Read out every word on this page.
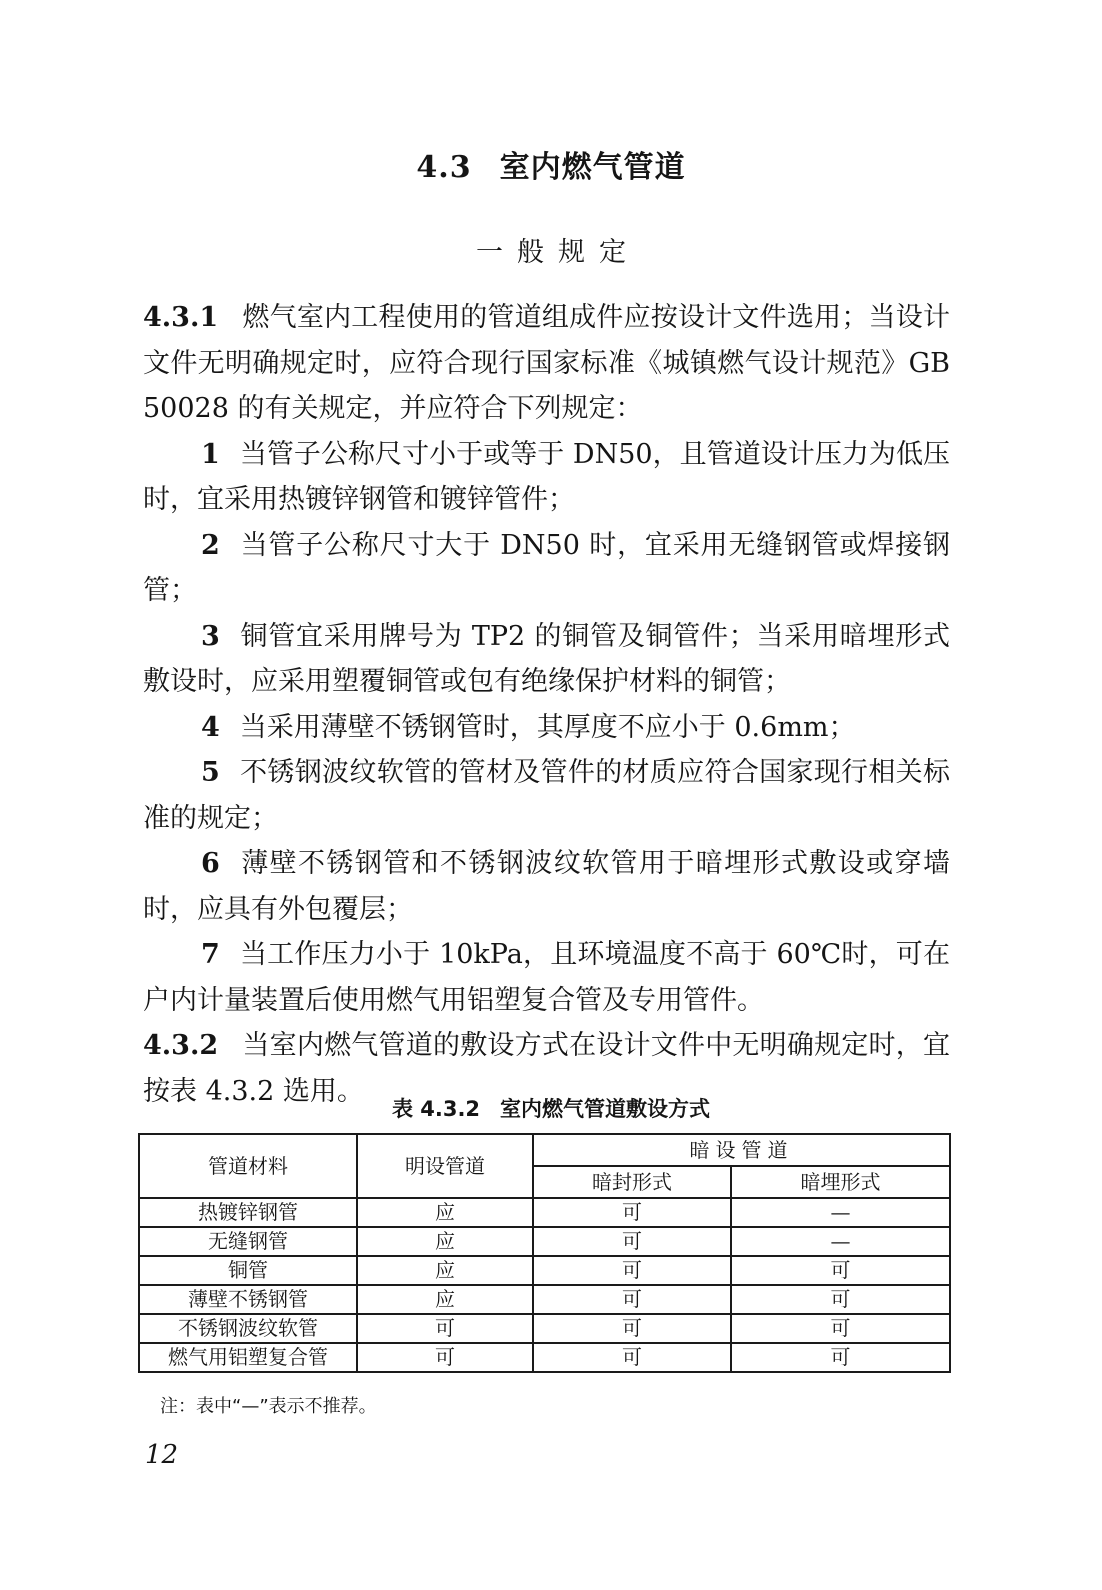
4.3 室内燃气管道
一般规定

4.3.1 燃气室内工程使用的管道组成件应按设计文件选用；当设计文件无明确规定时，应符合现行国家标准《城镇燃气设计规范》GB 50028 的有关规定，并应符合下列规定：

1 当管子公称尺寸小于或等于 DN50，且管道设计压力为低压时，宜采用热镀锌钢管和镀锌管件；

2 当管子公称尺寸大于 DN50 时，宜采用无缝钢管或焊接钢管；

3 铜管宜采用牌号为 TP2 的铜管及铜管件；当采用暗埋形式敷设时，应采用塑覆铜管或包有绝缘保护材料的铜管；

4 当采用薄壁不锈钢管时，其厚度不应小于 0.6mm；

5 不锈钢波纹软管的管材及管件的材质应符合国家现行相关标准的规定；

6 薄壁不锈钢管和不锈钢波纹软管用于暗埋形式敷设或穿墙时，应具有外包覆层；

7 当工作压力小于 10kPa，且环境温度不高于 60℃时，可在户内计量装置后使用燃气用铝塑复合管及专用管件。

4.3.2 当室内燃气管道的敷设方式在设计文件中无明确规定时，宜按表 4.3.2 选用。

表 4.3.2 室内燃气管道敷设方式
管道材料	明设管道	暗设管道	
		暗封形式	暗埋形式
热镀锌钢管	应	可	—
无缝钢管	应	可	—
铜管	应	可	可
薄壁不锈钢管	应	可	可
不锈钢波纹软管	可	可	可
燃气用铝塑复合管	可	可	可
注：表中“—”表示不推荐。
12
